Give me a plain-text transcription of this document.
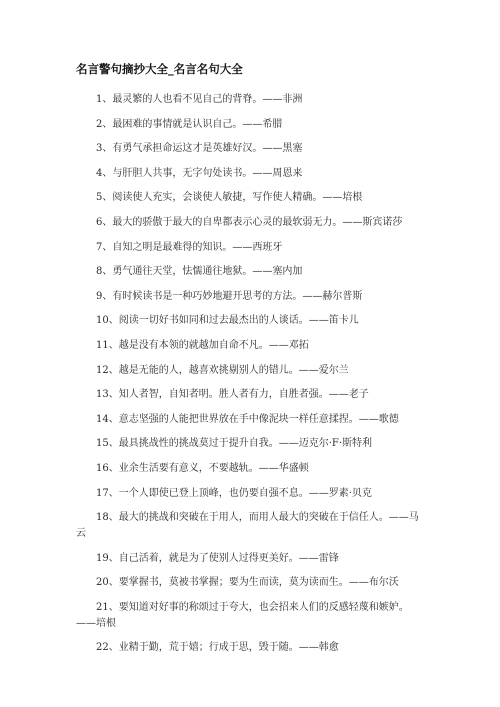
名言警句摘抄大全_名言名句大全
1、最灵繁的人也看不见自己的背脊。——非洲
2、最困难的事情就是认识自己。——希腊
3、有勇气承担命运这才是英雄好汉。——黑塞
4、与肝胆人共事，无字句处读书。——周恩来
5、阅读使人充实，会谈使人敏捷，写作使人精确。——培根
6、最大的骄傲于最大的自卑都表示心灵的最软弱无力。——斯宾诺莎
7、自知之明是最难得的知识。——西班牙
8、勇气通往天堂，怯懦通往地狱。——塞内加
9、有时候读书是一种巧妙地避开思考的方法。——赫尔普斯
10、阅读一切好书如同和过去最杰出的人谈话。——笛卡儿
11、越是没有本领的就越加自命不凡。——邓拓
12、越是无能的人，越喜欢挑剔别人的错儿。——爱尔兰
13、知人者智，自知者明。胜人者有力，自胜者强。——老子
14、意志坚强的人能把世界放在手中像泥块一样任意揉捏。——歌德
15、最具挑战性的挑战莫过于提升自我。——迈克尔·F·斯特利
16、业余生活要有意义，不要越轨。——华盛顿
17、一个人即使已登上顶峰，也仍要自强不息。——罗素·贝克
18、最大的挑战和突破在于用人，而用人最大的突破在于信任人。——马云
19、自己活着，就是为了使别人过得更美好。——雷锋
20、要掌握书，莫被书掌握；要为生而读，莫为读而生。——布尔沃
21、要知道对好事的称颂过于夸大，也会招来人们的反感轻蔑和嫉妒。——培根
22、业精于勤，荒于嬉；行成于思，毁于随。——韩愈
